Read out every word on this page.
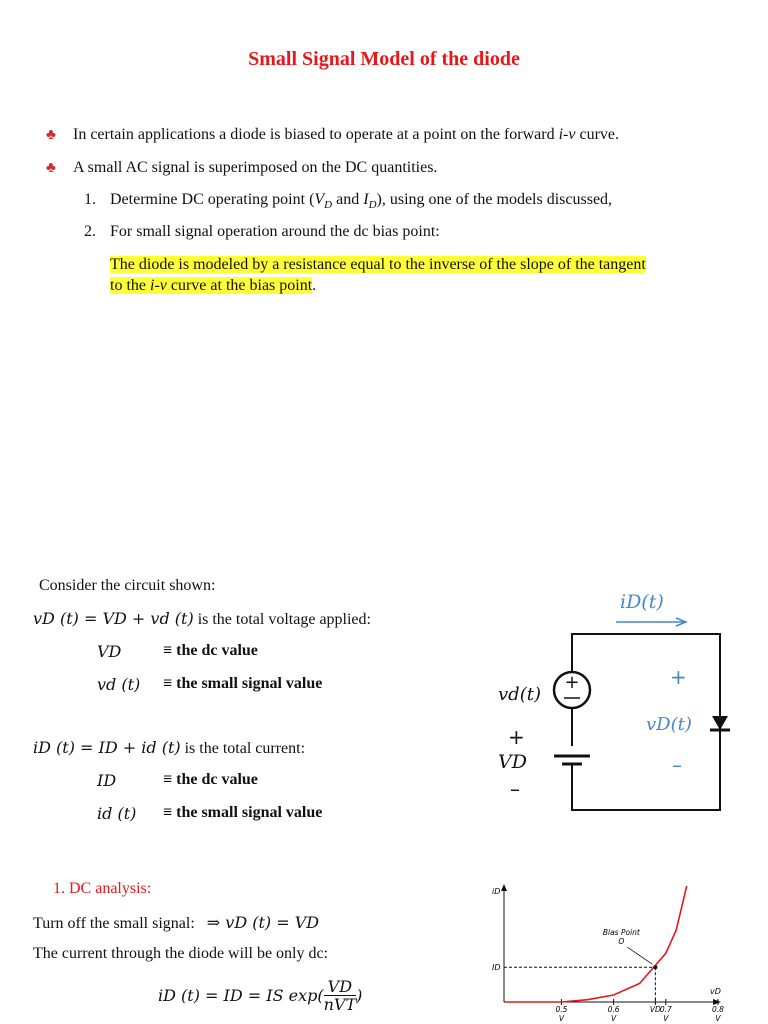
Small Signal Model of the diode
♣ In certain applications a diode is biased to operate at a point on the forward i-v curve.
♣ A small AC signal is superimposed on the DC quantities.
1. Determine DC operating point ($V_D$ and $I_D$), using one of the models discussed,
2. For small signal operation around the dc bias point:
The diode is modeled by a resistance equal to the inverse of the slope of the tangent
to the i-v curve at the bias point.
Consider the circuit shown:
vD (t) = VD + vd (t) is the total voltage applied:
VD	≡ the dc value
vd (t) ≡ the small signal value
iD (t) = ID + id (t) is the total current:
ID	≡ the dc value
id (t) ≡ the small signal value
1. DC analysis:
Turn off the small signal: ⇒ vD (t) = VD
The current through the diode will be only dc:
iD (t) = ID = IS exp( VD
nVT )
+
iD(t)
vd(t)
+
VD
–
+
vD(t)
–
iD
vD
ID
0.5
V
0.6
V
VD 0.7
V
0.8
V
Bias Point
O
